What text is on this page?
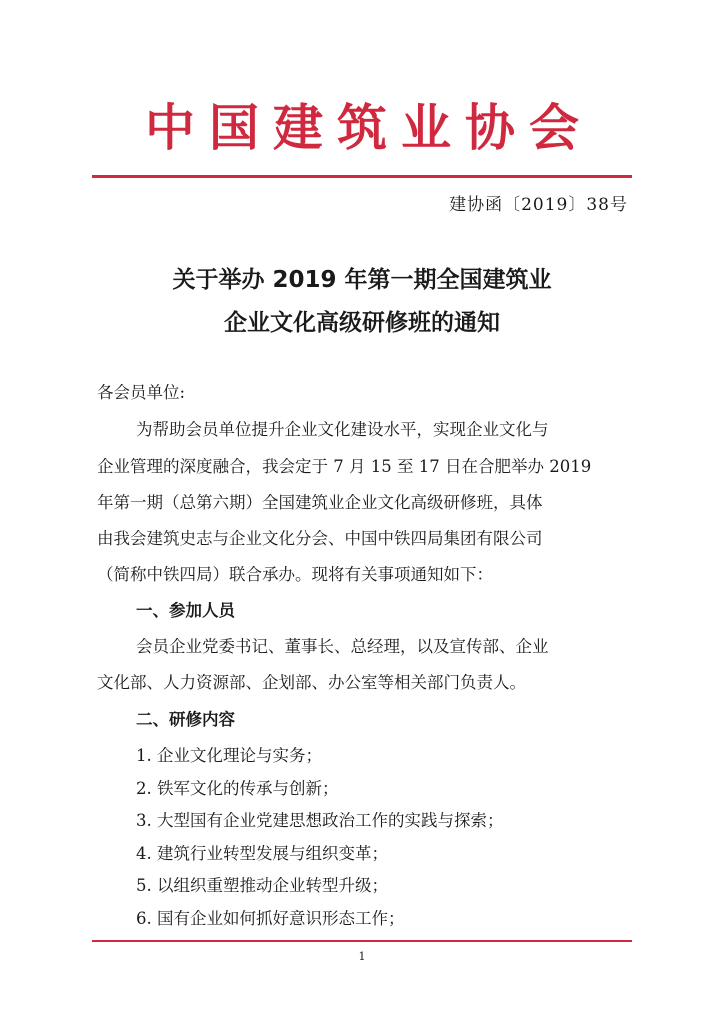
中国建筑业协会
建协函〔2019〕38号
关于举办 2019 年第一期全国建筑业
企业文化高级研修班的通知
各会员单位:
为帮助会员单位提升企业文化建设水平，实现企业文化与
企业管理的深度融合，我会定于 7 月 15 至 17 日在合肥举办 2019
年第一期（总第六期）全国建筑业企业文化高级研修班，具体
由我会建筑史志与企业文化分会、中国中铁四局集团有限公司
（简称中铁四局）联合承办。现将有关事项通知如下：
一、参加人员
会员企业党委书记、董事长、总经理，以及宣传部、企业
文化部、人力资源部、企划部、办公室等相关部门负责人。
二、研修内容
1. 企业文化理论与实务；
2. 铁军文化的传承与创新；
3. 大型国有企业党建思想政治工作的实践与探索；
4. 建筑行业转型发展与组织变革；
5. 以组织重塑推动企业转型升级；
6. 国有企业如何抓好意识形态工作；
1
